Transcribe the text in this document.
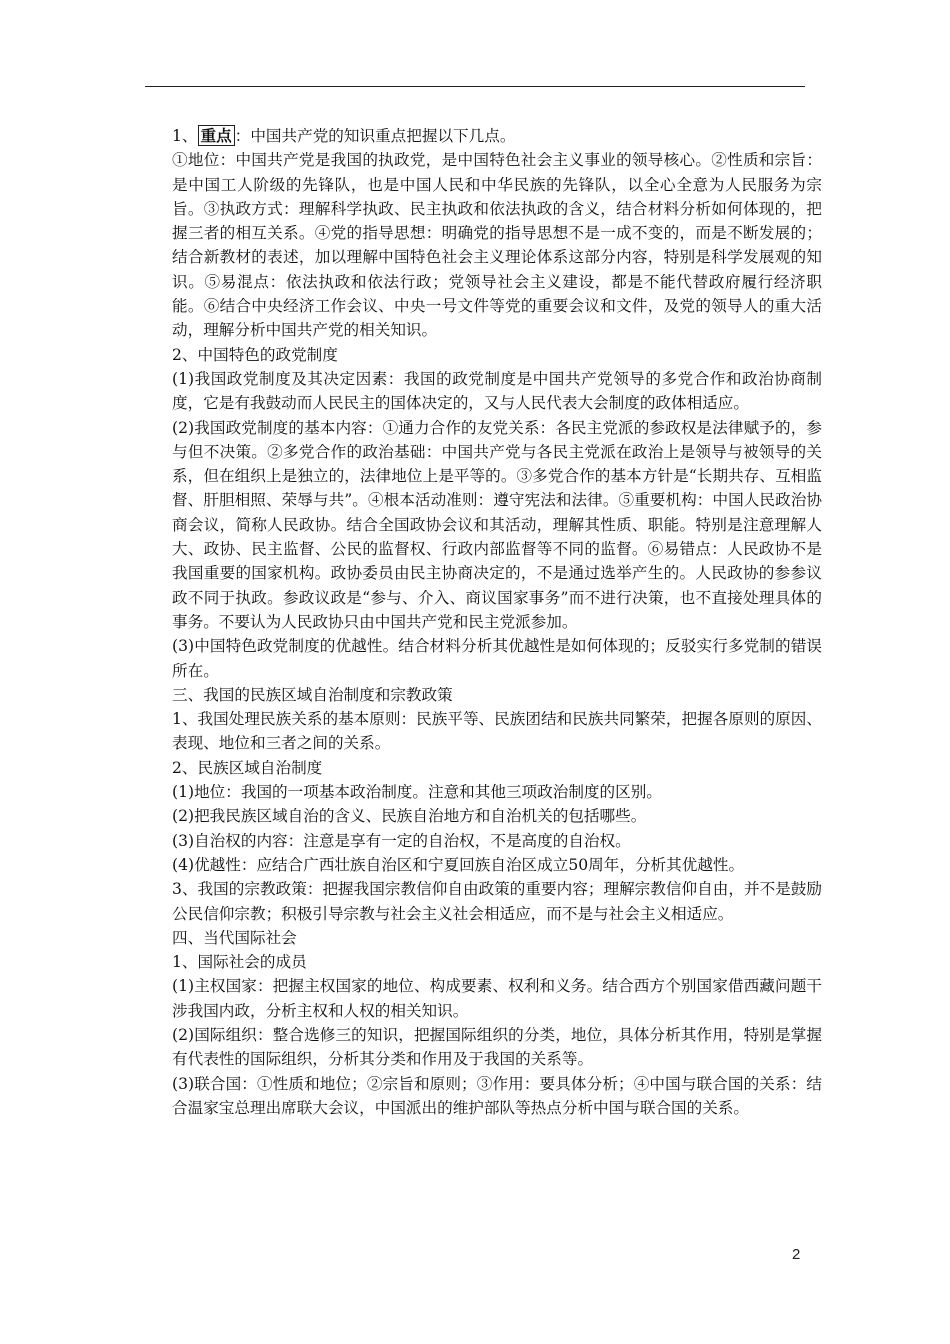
1、 重点 ：中国共产党的知识重点把握以下几点。

①地位：中国共产党是我国的执政党，是中国特色社会主义事业的领导核心。②性质和宗旨：是中国工人阶级的先锋队，也是中国人民和中华民族的先锋队，以全心全意为人民服务为宗旨。③执政方式：理解科学执政、民主执政和依法执政的含义，结合材料分析如何体现的，把握三者的相互关系。④党的指导思想：明确党的指导思想不是一成不变的，而是不断发展的；结合新教材的表述，加以理解中国特色社会主义理论体系这部分内容，特别是科学发展观的知识。⑤易混点：依法执政和依法行政；党领导社会主义建设，都是不能代替政府履行经济职能。⑥结合中央经济工作会议、中央一号文件等党的重要会议和文件，及党的领导人的重大活动，理解分析中国共产党的相关知识。

2、中国特色的政党制度

(1)我国政党制度及其决定因素：我国的政党制度是中国共产党领导的多党合作和政治协商制度，它是有我鼓动而人民民主的国体决定的，又与人民代表大会制度的政体相适应。

(2)我国政党制度的基本内容：①通力合作的友党关系：各民主党派的参政权是法律赋予的，参与但不决策。②多党合作的政治基础：中国共产党与各民主党派在政治上是领导与被领导的关系，但在组织上是独立的，法律地位上是平等的。③多党合作的基本方针是“长期共存、互相监督、肝胆相照、荣辱与共”。④根本活动准则：遵守宪法和法律。⑤重要机构：中国人民政治协商会议，简称人民政协。结合全国政协会议和其活动，理解其性质、职能。特别是注意理解人大、政协、民主监督、公民的监督权、行政内部监督等不同的监督。⑥易错点：人民政协不是我国重要的国家机构。政协委员由民主协商决定的，不是通过选举产生的。人民政协的参参议政不同于执政。参政议政是“参与、介入、商议国家事务”而不进行决策，也不直接处理具体的事务。不要认为人民政协只由中国共产党和民主党派参加。

(3)中国特色政党制度的优越性。结合材料分析其优越性是如何体现的；反驳实行多党制的错误所在。

三、我国的民族区域自治制度和宗教政策

1、我国处理民族关系的基本原则：民族平等、民族团结和民族共同繁荣，把握各原则的原因、表现、地位和三者之间的关系。

2、民族区域自治制度

(1)地位：我国的一项基本政治制度。注意和其他三项政治制度的区别。

(2)把我民族区域自治的含义、民族自治地方和自治机关的包括哪些。

(3)自治权的内容：注意是享有一定的自治权，不是高度的自治权。

(4)优越性：应结合广西壮族自治区和宁夏回族自治区成立50周年，分析其优越性。

3、我国的宗教政策：把握我国宗教信仰自由政策的重要内容；理解宗教信仰自由，并不是鼓励公民信仰宗教；积极引导宗教与社会主义社会相适应，而不是与社会主义相适应。

四、当代国际社会

1、国际社会的成员

(1)主权国家：把握主权国家的地位、构成要素、权利和义务。结合西方个别国家借西藏问题干涉我国内政，分析主权和人权的相关知识。

(2)国际组织：整合选修三的知识，把握国际组织的分类，地位，具体分析其作用，特别是掌握有代表性的国际组织，分析其分类和作用及于我国的关系等。

(3)联合国：①性质和地位；②宗旨和原则；③作用：要具体分析；④中国与联合国的关系：结合温家宝总理出席联大会议，中国派出的维护部队等热点分析中国与联合国的关系。

2
